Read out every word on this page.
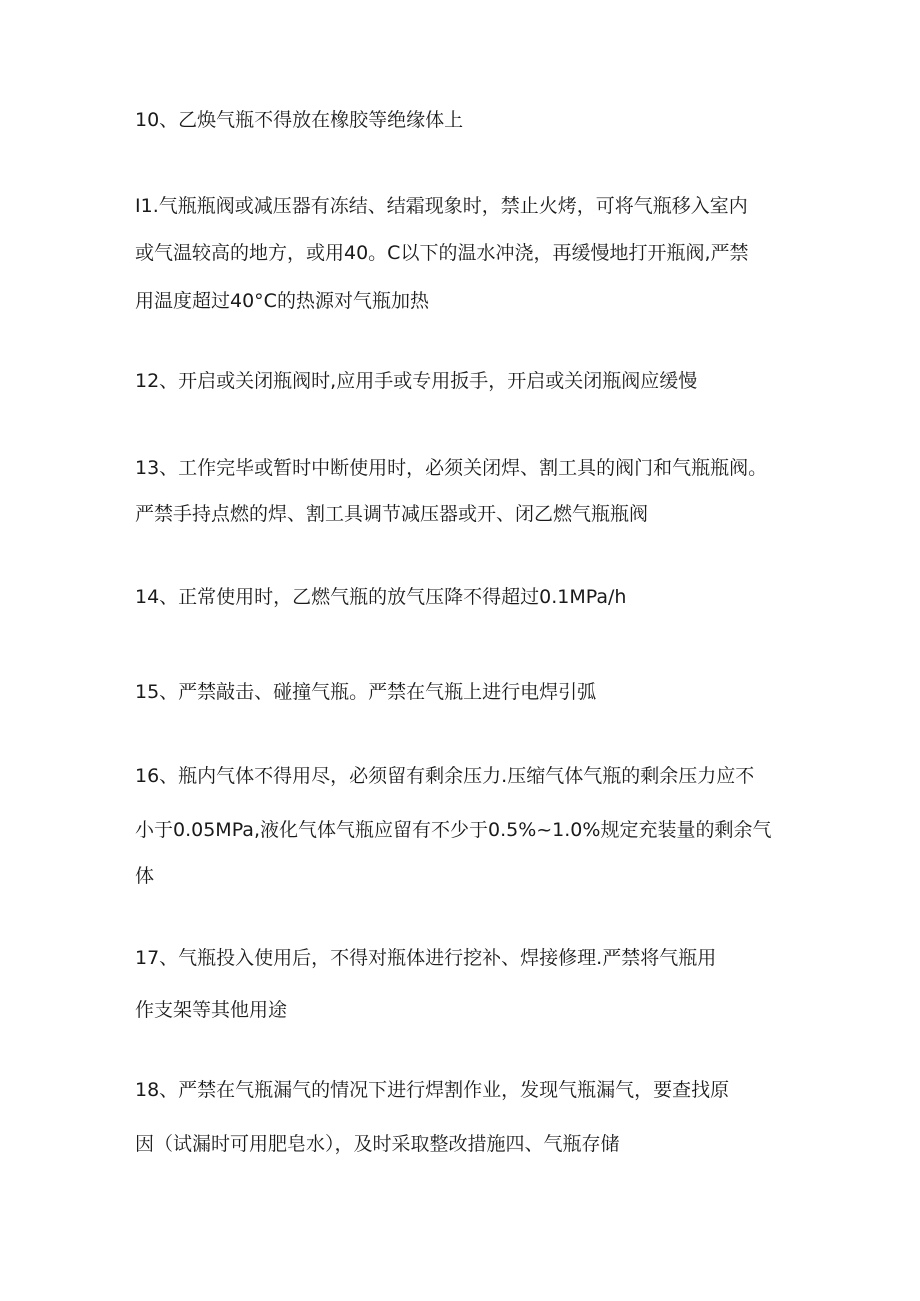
10、乙焕气瓶不得放在橡胶等绝缘体上
I1.气瓶瓶阀或减压器有冻结、结霜现象时，禁止火烤，可将气瓶移入室内
或气温较高的地方，或用40。C以下的温水冲浇，再缓慢地打开瓶阀,严禁
用温度超过40°C的热源对气瓶加热
12、开启或关闭瓶阀时,应用手或专用扳手，开启或关闭瓶阀应缓慢
13、工作完毕或暂时中断使用时，必须关闭焊、割工具的阀门和气瓶瓶阀。
严禁手持点燃的焊、割工具调节减压器或开、闭乙燃气瓶瓶阀
14、正常使用时，乙燃气瓶的放气压降不得超过0.1MPa/h
15、严禁敲击、碰撞气瓶。严禁在气瓶上进行电焊引弧
16、瓶内气体不得用尽，必须留有剩余压力.压缩气体气瓶的剩余压力应不
小于0.05MPa,液化气体气瓶应留有不少于0.5%~1.0%规定充装量的剩余气
体
17、气瓶投入使用后，不得对瓶体进行挖补、焊接修理.严禁将气瓶用
作支架等其他用途
18、严禁在气瓶漏气的情况下进行焊割作业，发现气瓶漏气，要查找原
因（试漏时可用肥皂水），及时采取整改措施四、气瓶存储
